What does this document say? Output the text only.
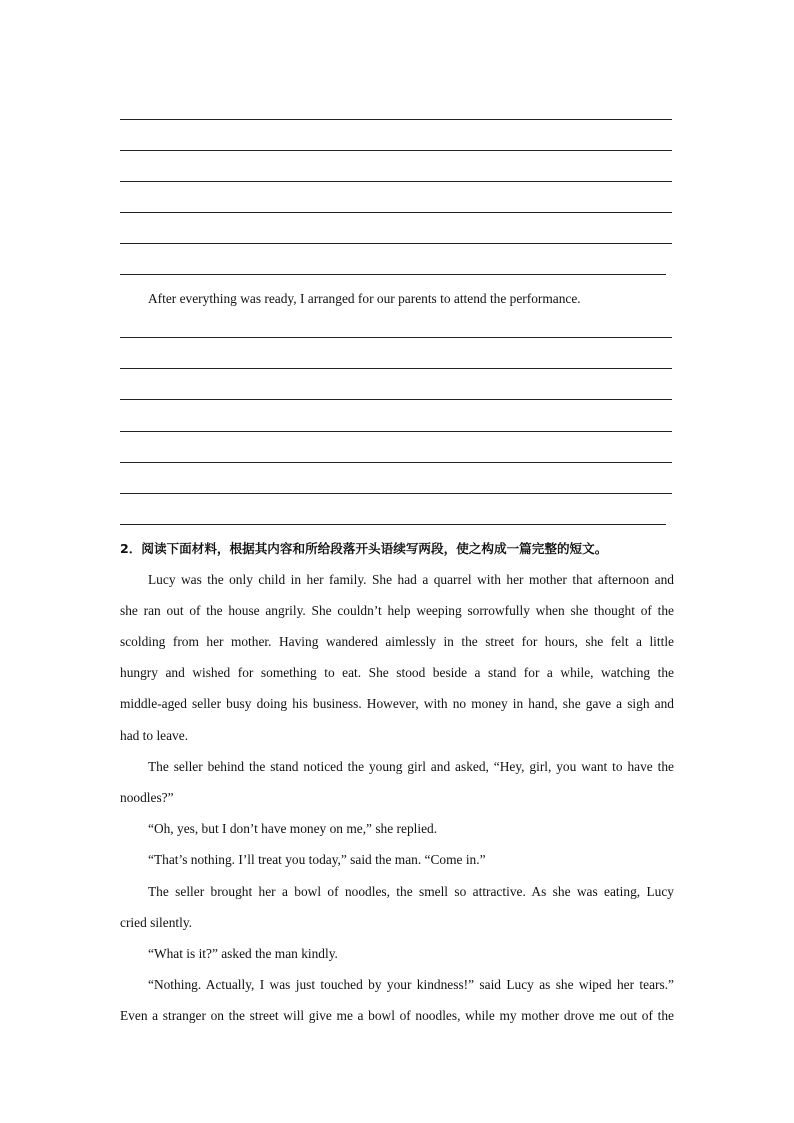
After everything was ready, I arranged for our parents to attend the performance.
2．阅读下面材料，根据其内容和所给段落开头语续写两段，使之构成一篇完整的短文。
Lucy was the only child in her family. She had a quarrel with her mother that afternoon and
she ran out of the house angrily. She couldn’t help weeping sorrowfully when she thought of the
scolding from her mother. Having wandered aimlessly in the street for hours, she felt a little
hungry and wished for something to eat. She stood beside a stand for a while, watching the
middle-aged seller busy doing his business. However, with no money in hand, she gave a sigh and
had to leave.
The seller behind the stand noticed the young girl and asked, “Hey, girl, you want to have the
noodles?”
“Oh, yes, but I don’t have money on me,” she replied.
“That’s nothing. I’ll treat you today,” said the man. “Come in.”
The seller brought her a bowl of noodles, the smell so attractive. As she was eating, Lucy
cried silently.
“What is it?” asked the man kindly.
“Nothing. Actually, I was just touched by your kindness!” said Lucy as she wiped her tears.”
Even a stranger on the street will give me a bowl of noodles, while my mother drove me out of the
